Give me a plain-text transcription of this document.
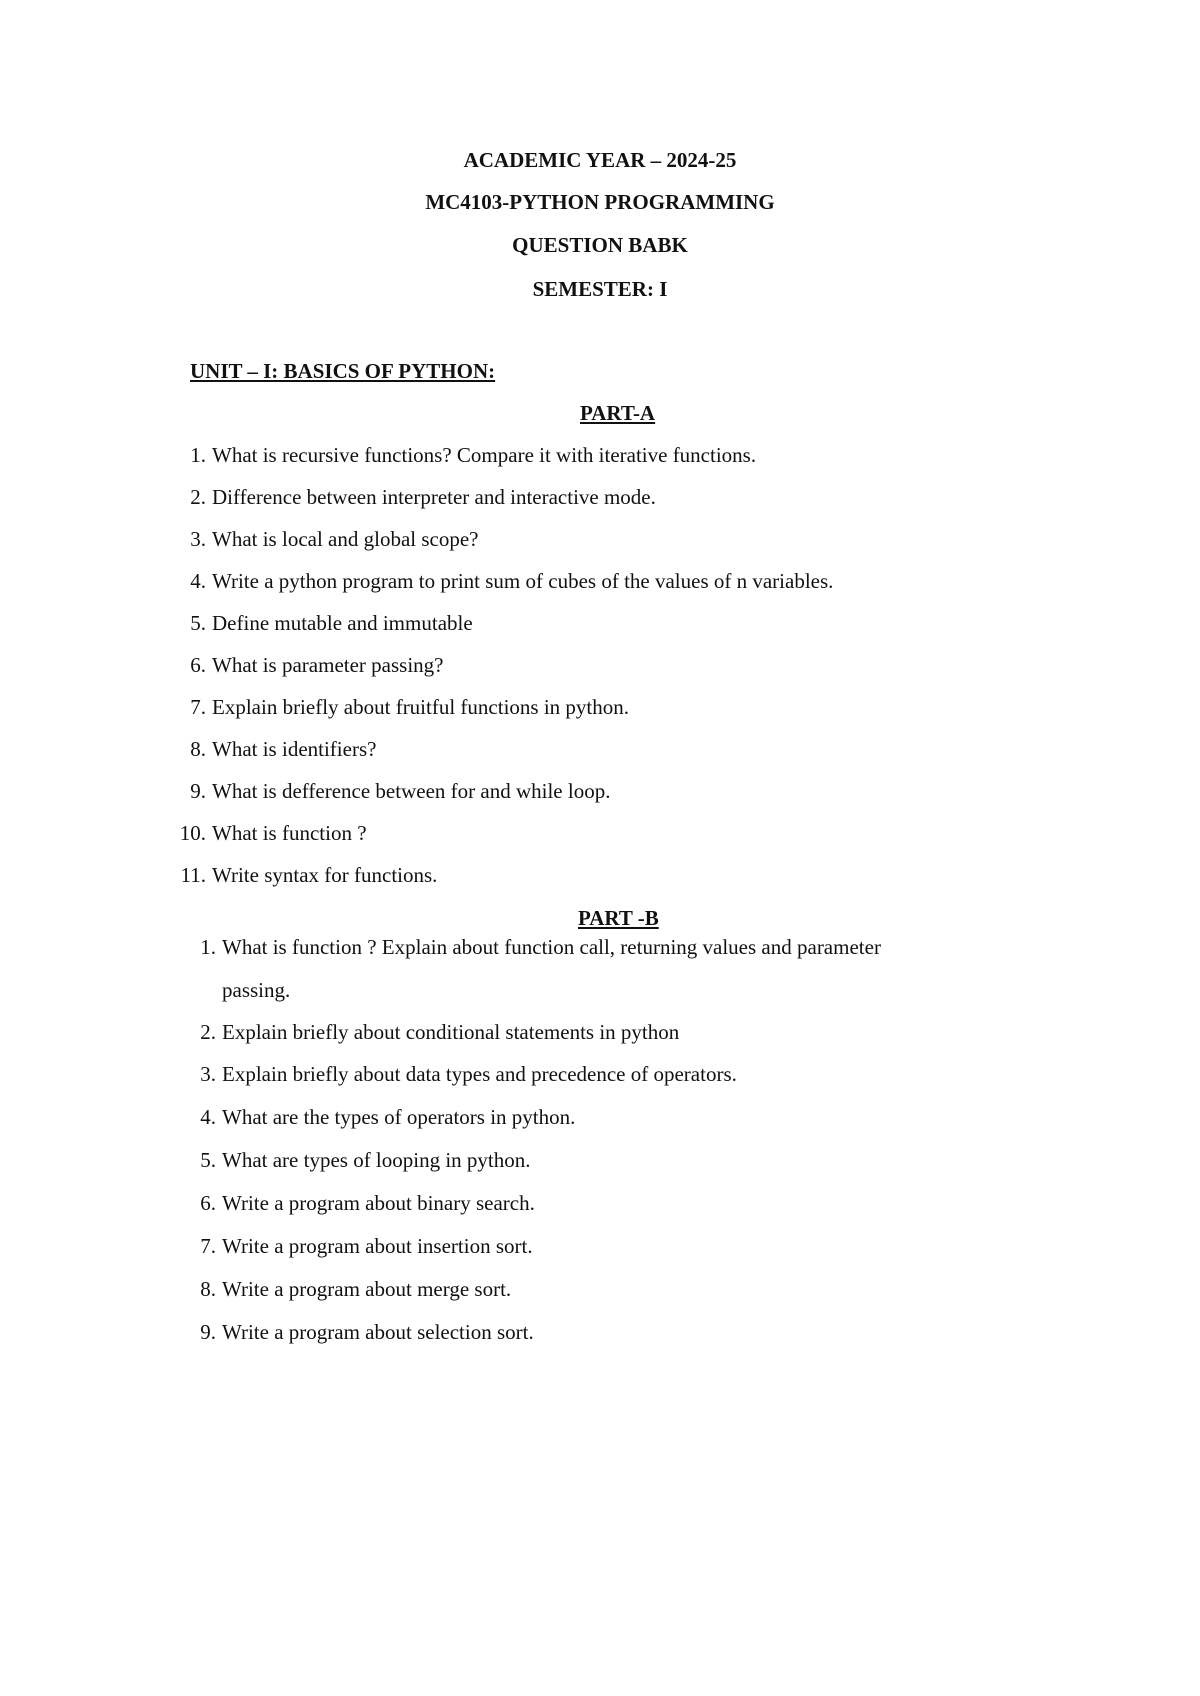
ACADEMIC YEAR – 2024-25
MC4103-PYTHON PROGRAMMING
QUESTION BABK
SEMESTER: I
UNIT – I: BASICS OF PYTHON:
PART-A
1. What is recursive functions? Compare it with iterative functions.
2. Difference between interpreter and interactive mode.
3. What is local and global scope?
4. Write a python program to print sum of cubes of the values of n variables.
5. Define mutable and immutable
6. What is parameter passing?
7. Explain briefly about fruitful functions in python.
8. What is identifiers?
9. What is defference between for and while loop.
10. What is function ?
11. Write syntax for functions.
PART -B
1. What is function ? Explain about function call, returning values and parameter
passing.
2. Explain briefly about conditional statements in python
3. Explain briefly about data types and precedence of operators.
4. What are the types of operators in python.
5. What are types of looping in python.
6. Write a program about binary search.
7. Write a program about insertion sort.
8. Write a program about merge sort.
9. Write a program about selection sort.
